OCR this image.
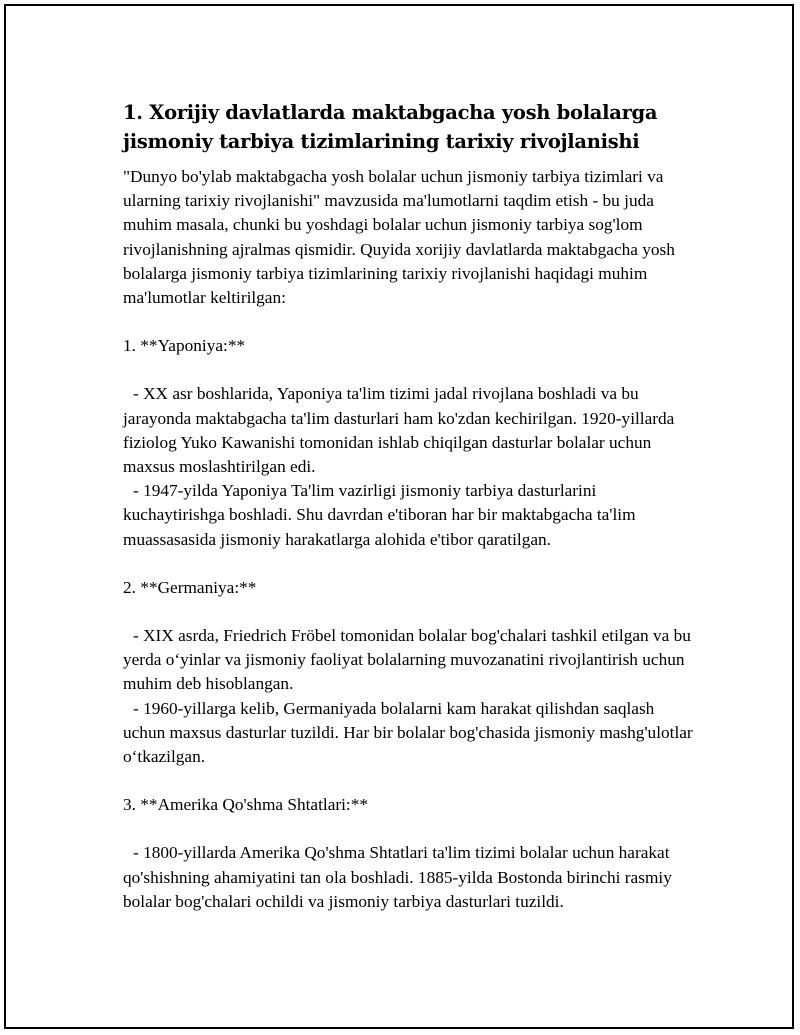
1. Xorijiy davlatlarda maktabgacha yosh bolalarga jismoniy tarbiya tizimlarining tarixiy rivojlanishi

"Dunyo bo'ylab maktabgacha yosh bolalar uchun jismoniy tarbiya tizimlari va ularning tarixiy rivojlanishi" mavzusida ma'lumotlarni taqdim etish - bu juda muhim masala, chunki bu yoshdagi bolalar uchun jismoniy tarbiya sog'lom rivojlanishning ajralmas qismidir. Quyida xorijiy davlatlarda maktabgacha yosh bolalarga jismoniy tarbiya tizimlarining tarixiy rivojlanishi haqidagi muhim ma'lumotlar keltirilgan:

1. **Yaponiya:**

- XX asr boshlarida, Yaponiya ta'lim tizimi jadal rivojlana boshladi va bu jarayonda maktabgacha ta'lim dasturlari ham ko'zdan kechirilgan. 1920-yillarda fiziolog Yuko Kawanishi tomonidan ishlab chiqilgan dasturlar bolalar uchun maxsus moslashtirilgan edi.

- 1947-yilda Yaponiya Ta'lim vazirligi jismoniy tarbiya dasturlarini kuchaytirishga boshladi. Shu davrdan e'tiboran har bir maktabgacha ta'lim muassasasida jismoniy harakatlarga alohida e'tibor qaratilgan.

2. **Germaniya:**

- XIX asrda, Friedrich Fröbel tomonidan bolalar bog'chalari tashkil etilgan va bu yerda o‘yinlar va jismoniy faoliyat bolalarning muvozanatini rivojlantirish uchun muhim deb hisoblangan.

- 1960-yillarga kelib, Germaniyada bolalarni kam harakat qilishdan saqlash uchun maxsus dasturlar tuzildi. Har bir bolalar bog'chasida jismoniy mashg'ulotlar o‘tkazilgan.

3. **Amerika Qo'shma Shtatlari:**

- 1800-yillarda Amerika Qo'shma Shtatlari ta'lim tizimi bolalar uchun harakat qo'shishning ahamiyatini tan ola boshladi. 1885-yilda Bostonda birinchi rasmiy bolalar bog'chalari ochildi va jismoniy tarbiya dasturlari tuzildi.
